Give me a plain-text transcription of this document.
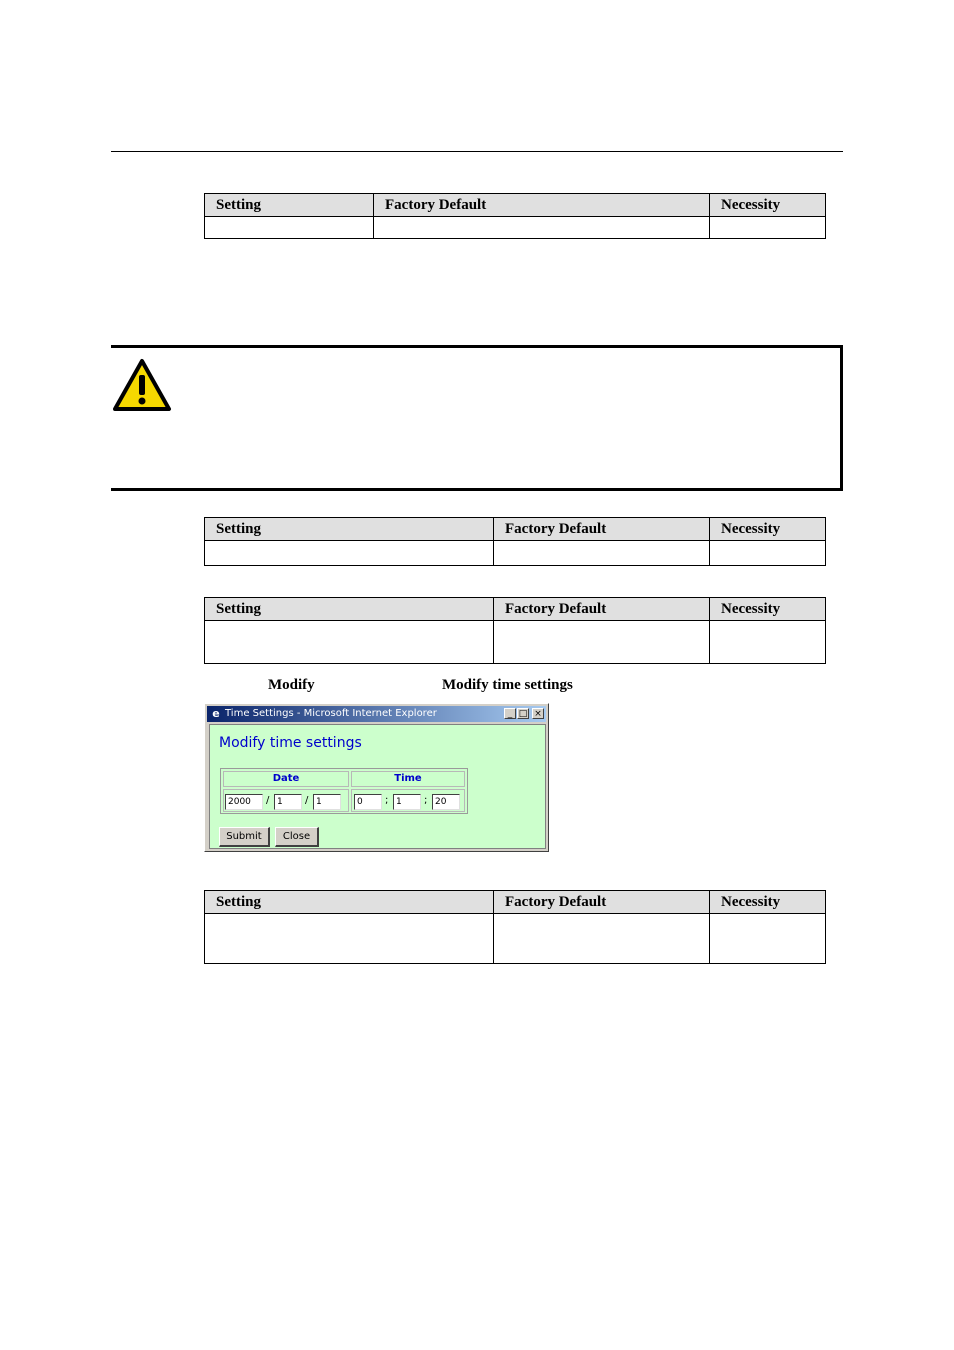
Setting	Factory Default	Necessity

Setting	Factory Default	Necessity

Setting	Factory Default	Necessity

Modify	Modify time settings
e Time Settings - Microsoft Internet Explorer	_ □ ×
Modify time settings
Date	Time
2000	/ 1	/ 1	0	; 1	; 20
Submit	Close
Setting	Factory Default	Necessity
